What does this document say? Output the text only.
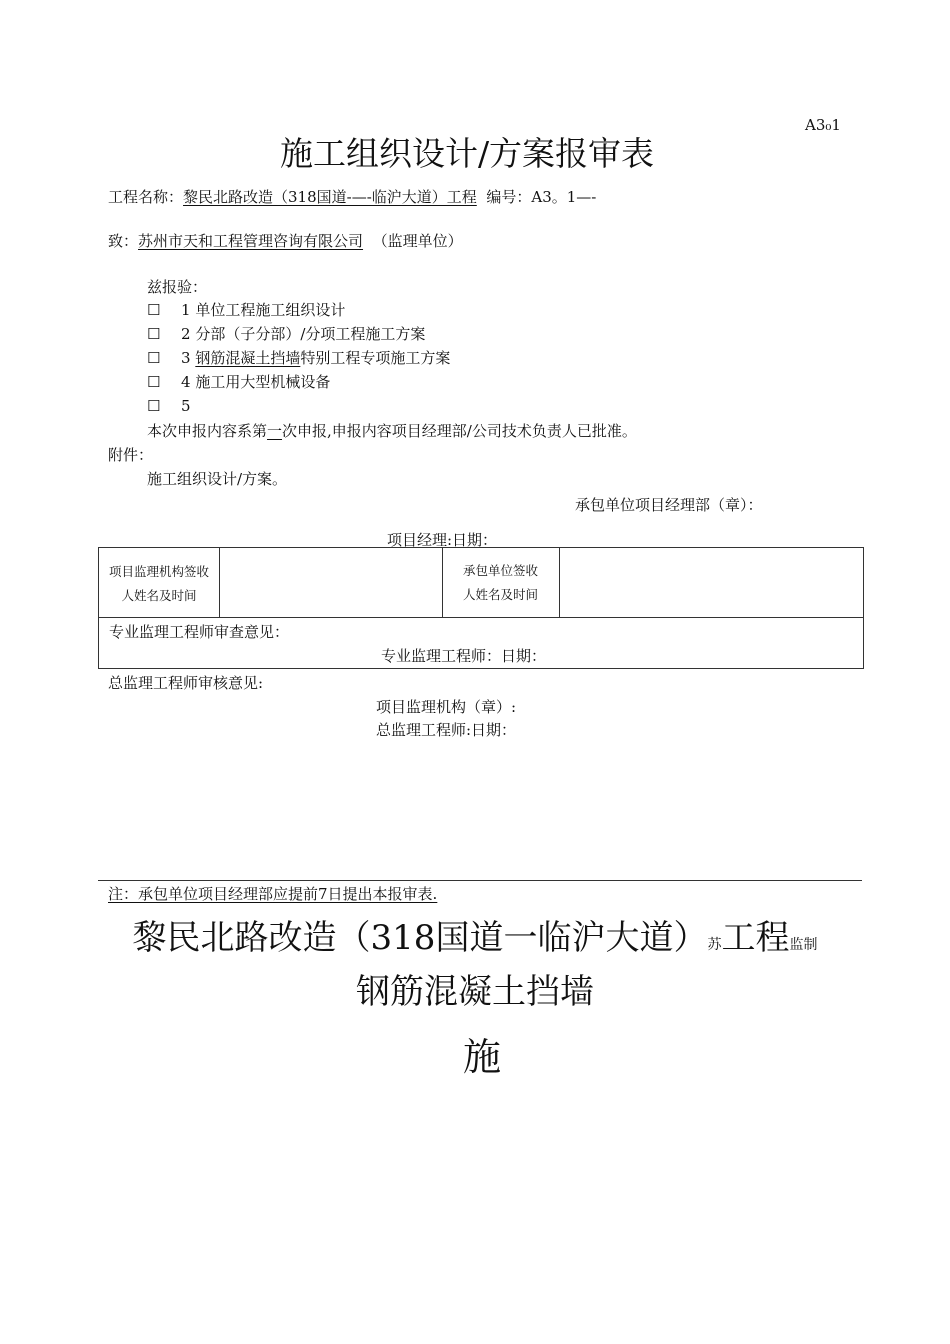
A3₀1
施工组织设计/方案报审表
工程名称：黎民北路改造（318国道-—-临沪大道）工程 编号：A3。1—-
致：苏州市天和工程管理咨询有限公司 （监理单位）
兹报验：
☐ 1 单位工程施工组织设计
☐ 2 分部（子分部）/分项工程施工方案
☐ 3 钢筋混凝土挡墙特别工程专项施工方案
☐ 4 施工用大型机械设备
☐ 5
本次申报内容系第一次申报,申报内容项目经理部/公司技术负责人已批准。
附件：
施工组织设计/方案。
承包单位项目经理部（章）：
项目经理:日期：
项目监理机构签收
人姓名及时间
承包单位签收
人姓名及时间
专业监理工程师审查意见：
专业监理工程师：日期：
总监理工程师审核意见:
项目监理机构（章）:
总监理工程师:日期：
注：承包单位项目经理部应提前7日提出本报审表.
黎民北路改造（318国道一临沪大道）苏工程监制
钢筋混凝土挡墙
施
